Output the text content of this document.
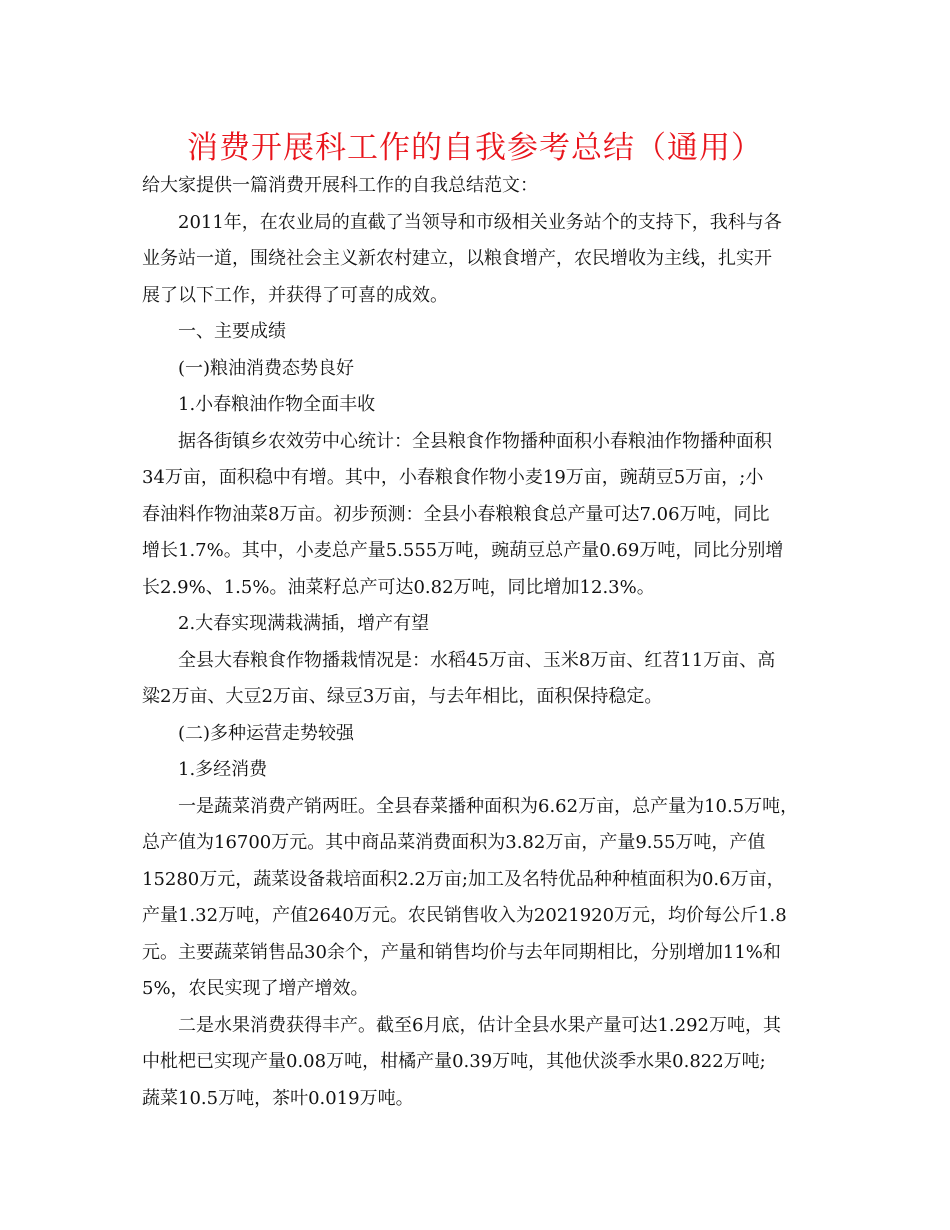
消费开展科工作的自我参考总结（通用）

给大家提供一篇消费开展科工作的自我总结范文：

2011年，在农业局的直截了当领导和市级相关业务站个的支持下，我科与各

业务站一道，围绕社会主义新农村建立，以粮食增产，农民增收为主线，扎实开

展了以下工作，并获得了可喜的成效。

一、主要成绩

(一)粮油消费态势良好

1.小春粮油作物全面丰收

据各街镇乡农效劳中心统计：全县粮食作物播种面积小春粮油作物播种面积

34万亩，面积稳中有增。其中，小春粮食作物小麦19万亩，豌葫豆5万亩，;小

春油料作物油菜8万亩。初步预测：全县小春粮粮食总产量可达7.06万吨，同比

增长1.7%。其中，小麦总产量5.555万吨，豌葫豆总产量0.69万吨，同比分别增

长2.9%、1.5%。油菜籽总产可达0.82万吨，同比增加12.3%。

2.大春实现满栽满插，增产有望

全县大春粮食作物播栽情况是：水稻45万亩、玉米8万亩、红苕11万亩、高

粱2万亩、大豆2万亩、绿豆3万亩，与去年相比，面积保持稳定。

(二)多种运营走势较强

1.多经消费

一是蔬菜消费产销两旺。全县春菜播种面积为6.62万亩，总产量为10.5万吨，

总产值为16700万元。其中商品菜消费面积为3.82万亩，产量9.55万吨，产值

15280万元，蔬菜设备栽培面积2.2万亩;加工及名特优品种种植面积为0.6万亩，

产量1.32万吨，产值2640万元。农民销售收入为2021920万元，均价每公斤1.8

元。主要蔬菜销售品30余个，产量和销售均价与去年同期相比，分别增加11%和

5%，农民实现了增产增效。

二是水果消费获得丰产。截至6月底，估计全县水果产量可达1.292万吨，其

中枇杷已实现产量0.08万吨，柑橘产量0.39万吨，其他伏淡季水果0.822万吨;

蔬菜10.5万吨，茶叶0.019万吨。
